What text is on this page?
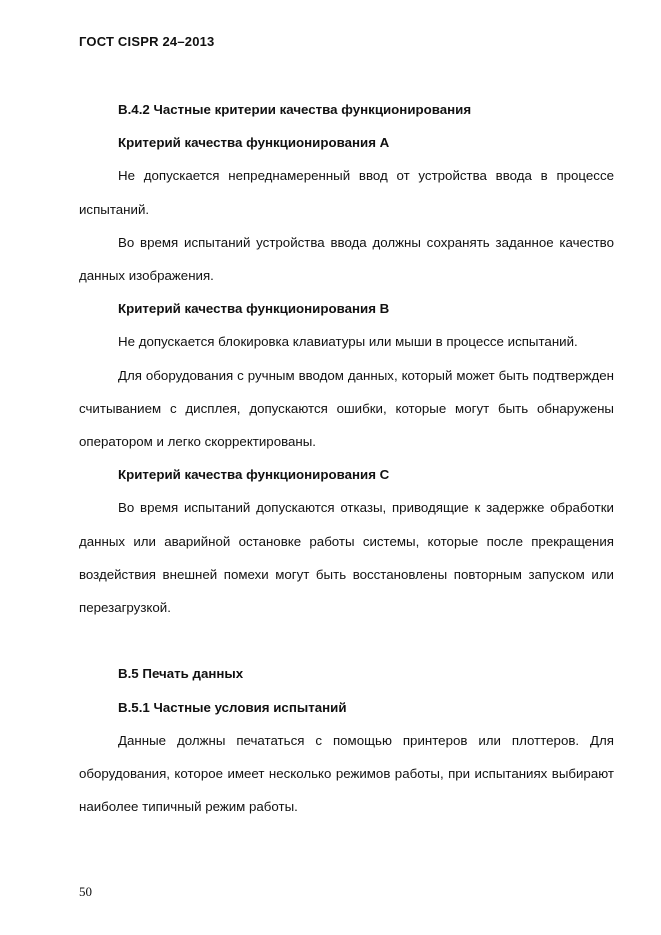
ГОСТ CISPR 24–2013

В.4.2 Частные критерии качества функционирования

Критерий качества функционирования А

Не допускается непреднамеренный ввод от устройства ввода в процессе испытаний.

Во время испытаний устройства ввода должны сохранять заданное качество данных изображения.

Критерий качества функционирования В

Не допускается блокировка клавиатуры или мыши в процессе испытаний.

Для оборудования с ручным вводом данных, который может быть подтвержден считыванием с дисплея, допускаются ошибки, которые могут быть обнаружены оператором и легко скорректированы.

Критерий качества функционирования С

Во время испытаний допускаются отказы, приводящие к задержке обработки данных или аварийной остановке работы системы, которые после прекращения воздействия внешней помехи могут быть восстановлены повторным запуском или перезагрузкой.

В.5 Печать данных

В.5.1 Частные условия испытаний

Данные должны печататься с помощью принтеров или плоттеров. Для оборудования, которое имеет несколько режимов работы, при испытаниях выбирают наиболее типичный режим работы.

50
